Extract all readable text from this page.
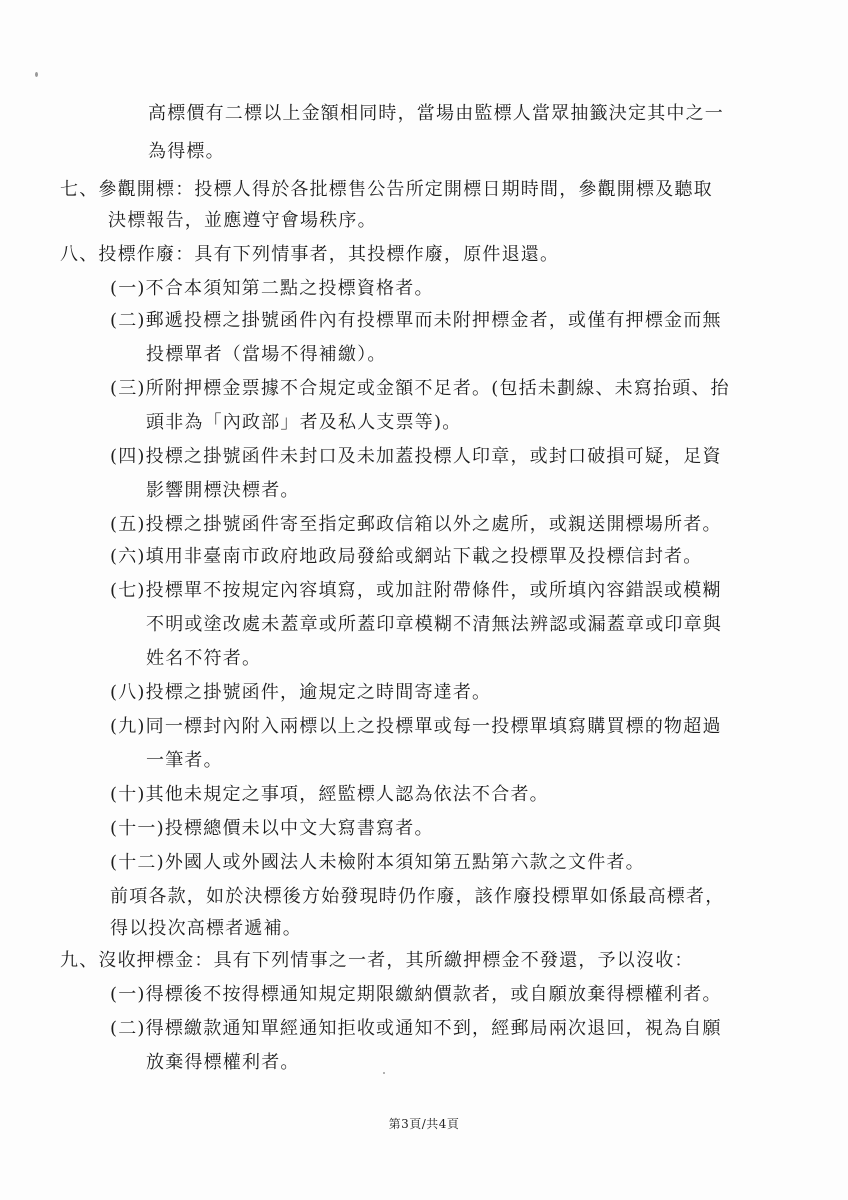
高標價有二標以上金額相同時，當場由監標人當眾抽籤決定其中之一
為得標。
七、參觀開標：投標人得於各批標售公告所定開標日期時間，參觀開標及聽取
決標報告，並應遵守會場秩序。
八、投標作廢：具有下列情事者，其投標作廢，原件退還。
(一)不合本須知第二點之投標資格者。
(二)郵遞投標之掛號函件內有投標單而未附押標金者，或僅有押標金而無
投標單者（當場不得補繳）。
(三)所附押標金票據不合規定或金額不足者。(包括未劃線、未寫抬頭、抬
頭非為「內政部」者及私人支票等)。
(四)投標之掛號函件未封口及未加蓋投標人印章，或封口破損可疑，足資
影響開標決標者。
(五)投標之掛號函件寄至指定郵政信箱以外之處所，或親送開標場所者。
(六)填用非臺南市政府地政局發給或網站下載之投標單及投標信封者。
(七)投標單不按規定內容填寫，或加註附帶條件，或所填內容錯誤或模糊
不明或塗改處未蓋章或所蓋印章模糊不清無法辨認或漏蓋章或印章與
姓名不符者。
(八)投標之掛號函件，逾規定之時間寄達者。
(九)同一標封內附入兩標以上之投標單或每一投標單填寫購買標的物超過
一筆者。
(十)其他未規定之事項，經監標人認為依法不合者。
(十一)投標總價未以中文大寫書寫者。
(十二)外國人或外國法人未檢附本須知第五點第六款之文件者。
前項各款，如於決標後方始發現時仍作廢，該作廢投標單如係最高標者，
得以投次高標者遞補。
九、沒收押標金：具有下列情事之一者，其所繳押標金不發還，予以沒收：
(一)得標後不按得標通知規定期限繳納價款者，或自願放棄得標權利者。
(二)得標繳款通知單經通知拒收或通知不到，經郵局兩次退回，視為自願
放棄得標權利者。
第3頁/共4頁
